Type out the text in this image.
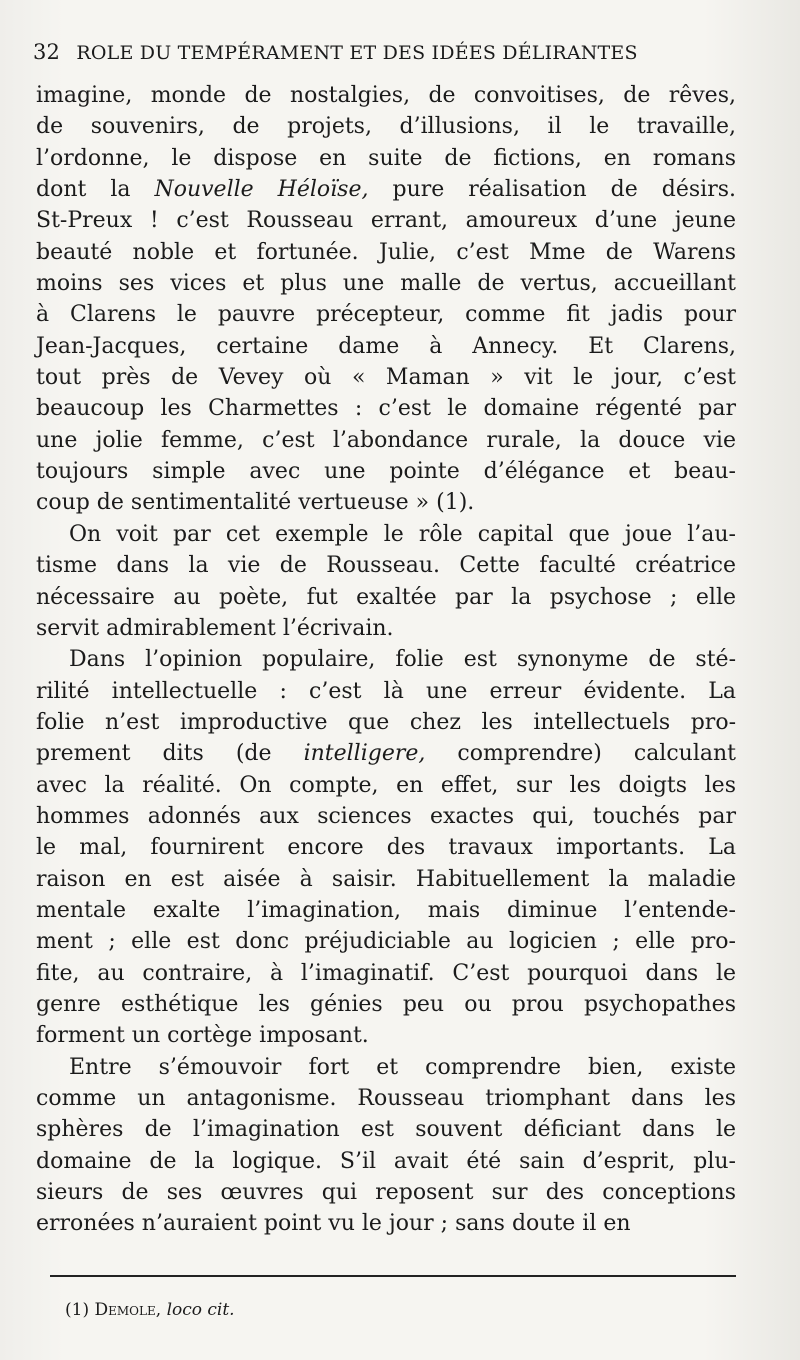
32 ROLE DU TEMPÉRAMENT ET DES IDÉES DÉLIRANTES
imagine, monde de nostalgies, de convoitises, de rêves,
de souvenirs, de projets, d’illusions, il le travaille,
l’ordonne, le dispose en suite de fictions, en romans
dont la Nouvelle Héloïse, pure réalisation de désirs.
St-Preux ! c’est Rousseau errant, amoureux d’une jeune
beauté noble et fortunée. Julie, c’est Mme de Warens
moins ses vices et plus une malle de vertus, accueillant
à Clarens le pauvre précepteur, comme fit jadis pour
Jean-Jacques, certaine dame à Annecy. Et Clarens,
tout près de Vevey où « Maman » vit le jour, c’est
beaucoup les Charmettes : c’est le domaine régenté par
une jolie femme, c’est l’abondance rurale, la douce vie
toujours simple avec une pointe d’élégance et beau-
coup de sentimentalité vertueuse » (1).
On voit par cet exemple le rôle capital que joue l’au-
tisme dans la vie de Rousseau. Cette faculté créatrice
nécessaire au poète, fut exaltée par la psychose ; elle
servit admirablement l’écrivain.
Dans l’opinion populaire, folie est synonyme de sté-
rilité intellectuelle : c’est là une erreur évidente. La
folie n’est improductive que chez les intellectuels pro-
prement dits (de intelligere, comprendre) calculant
avec la réalité. On compte, en effet, sur les doigts les
hommes adonnés aux sciences exactes qui, touchés par
le mal, fournirent encore des travaux importants. La
raison en est aisée à saisir. Habituellement la maladie
mentale exalte l’imagination, mais diminue l’entende-
ment ; elle est donc préjudiciable au logicien ; elle pro-
fite, au contraire, à l’imaginatif. C’est pourquoi dans le
genre esthétique les génies peu ou prou psychopathes
forment un cortège imposant.
Entre s’émouvoir fort et comprendre bien, existe
comme un antagonisme. Rousseau triomphant dans les
sphères de l’imagination est souvent déficiant dans le
domaine de la logique. S’il avait été sain d’esprit, plu-
sieurs de ses œuvres qui reposent sur des conceptions
erronées n’auraient point vu le jour ; sans doute il en
(1) Demole, loco cit.
